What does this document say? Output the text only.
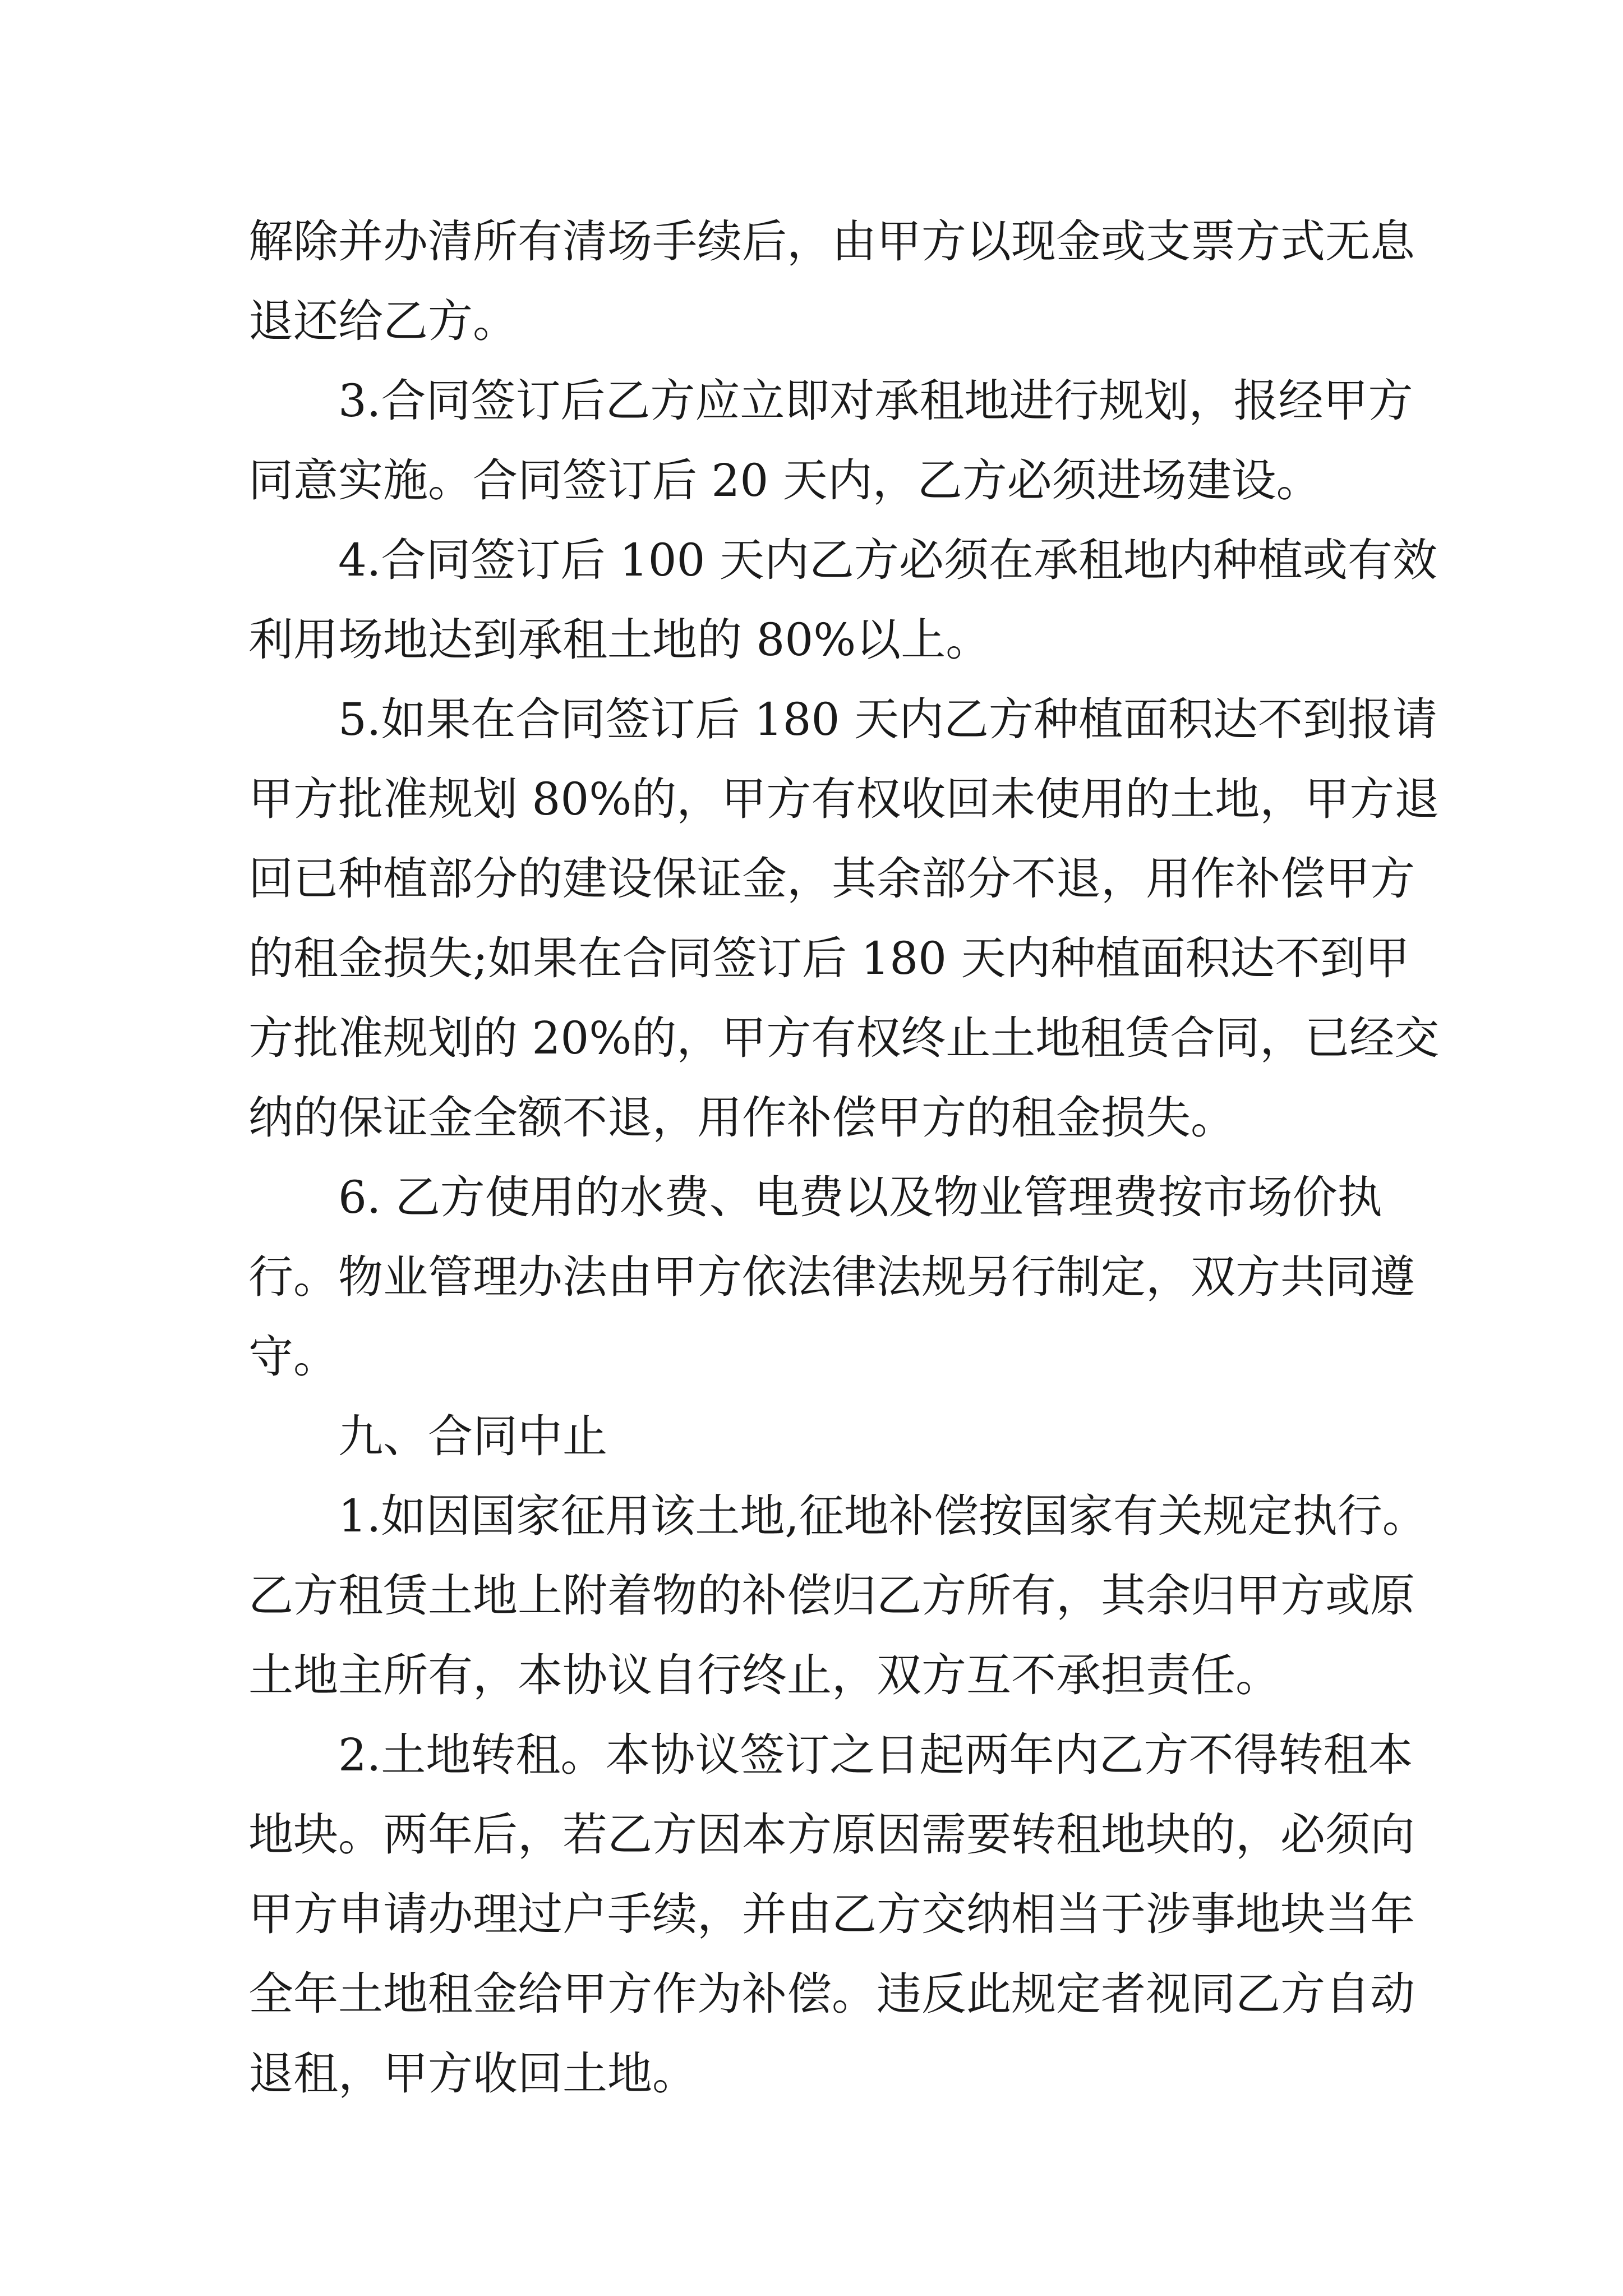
解除并办清所有清场手续后，由甲方以现金或支票方式无息
退还给乙方。
3.合同签订后乙方应立即对承租地进行规划，报经甲方
同意实施。合同签订后 20 天内，乙方必须进场建设。
4.合同签订后 100 天内乙方必须在承租地内种植或有效
利用场地达到承租土地的 80%以上。
5.如果在合同签订后 180 天内乙方种植面积达不到报请
甲方批准规划 80%的，甲方有权收回未使用的土地，甲方退
回已种植部分的建设保证金，其余部分不退，用作补偿甲方
的租金损失;如果在合同签订后 180 天内种植面积达不到甲
方批准规划的 20%的，甲方有权终止土地租赁合同，已经交
纳的保证金全额不退，用作补偿甲方的租金损失。
6. 乙方使用的水费、电费以及物业管理费按市场价执
行。物业管理办法由甲方依法律法规另行制定，双方共同遵
守。
九、合同中止
1.如因国家征用该土地,征地补偿按国家有关规定执行。
乙方租赁土地上附着物的补偿归乙方所有，其余归甲方或原
土地主所有，本协议自行终止，双方互不承担责任。
2.土地转租。本协议签订之日起两年内乙方不得转租本
地块。两年后，若乙方因本方原因需要转租地块的，必须向
甲方申请办理过户手续，并由乙方交纳相当于涉事地块当年
全年土地租金给甲方作为补偿。违反此规定者视同乙方自动
退租，甲方收回土地。
